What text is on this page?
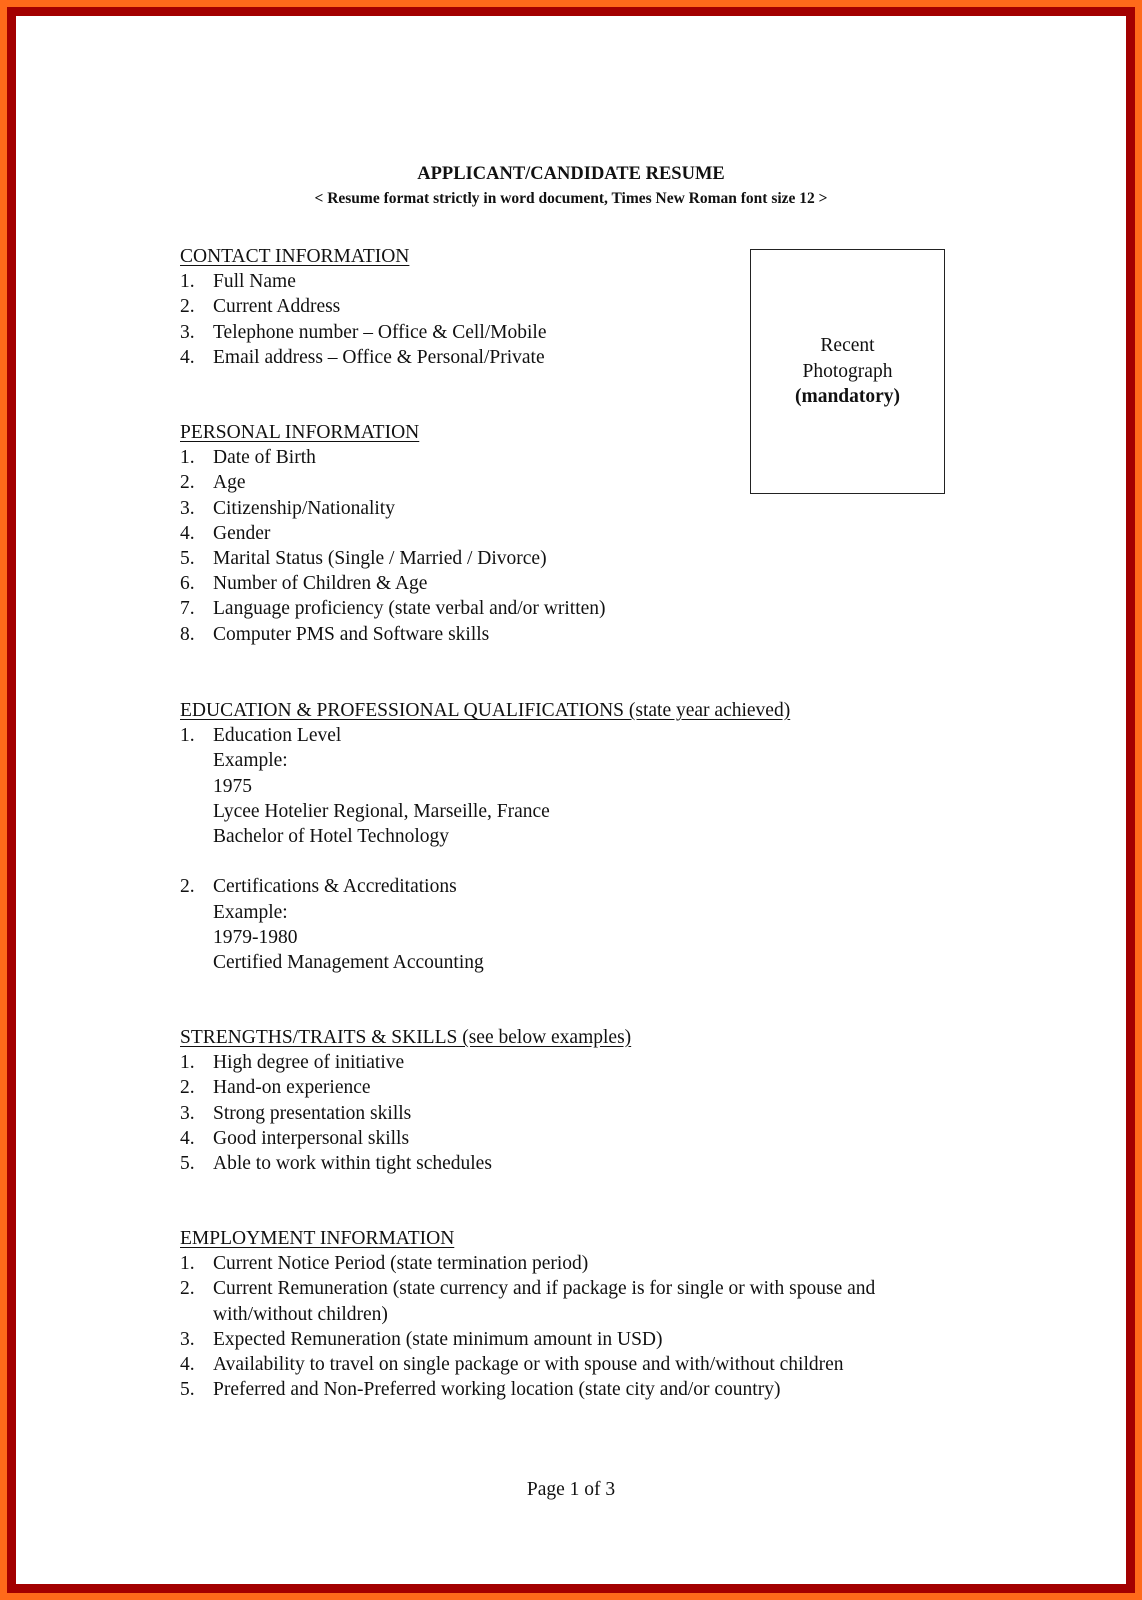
APPLICANT/CANDIDATE RESUME
< Resume format strictly in word document, Times New Roman font size 12 >
Recent
Photograph
(mandatory)
CONTACT INFORMATION
1. Full Name
2. Current Address
3. Telephone number – Office & Cell/Mobile
4. Email address – Office & Personal/Private
PERSONAL INFORMATION
1. Date of Birth
2. Age
3. Citizenship/Nationality
4. Gender
5. Marital Status (Single / Married / Divorce)
6. Number of Children & Age
7. Language proficiency (state verbal and/or written)
8. Computer PMS and Software skills
EDUCATION & PROFESSIONAL QUALIFICATIONS (state year achieved)
1. Education Level
Example:
1975
Lycee Hotelier Regional, Marseille, France
Bachelor of Hotel Technology
2. Certifications & Accreditations
Example:
1979-1980
Certified Management Accounting
STRENGTHS/TRAITS & SKILLS (see below examples)
1. High degree of initiative
2. Hand-on experience
3. Strong presentation skills
4. Good interpersonal skills
5. Able to work within tight schedules
EMPLOYMENT INFORMATION
1. Current Notice Period (state termination period)
2. Current Remuneration (state currency and if package is for single or with spouse and with/without children)
3. Expected Remuneration (state minimum amount in USD)
4. Availability to travel on single package or with spouse and with/without children
5. Preferred and Non-Preferred working location (state city and/or country)
Page 1 of 3
